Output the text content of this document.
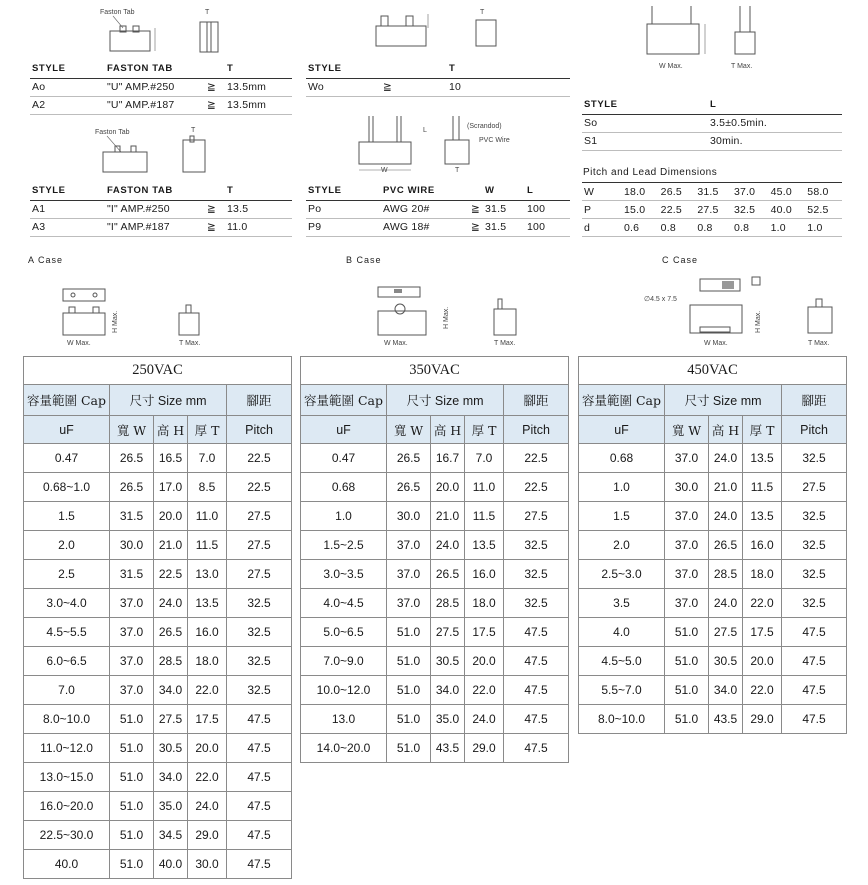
Faston Tab	T	T
W Max.	T Max.
STYLE	FASTON TAB		T
Ao	"U" AMP.#250	≧	13.5mm
A2	"U" AMP.#187	≧	13.5mm
STYLE		T
Wo	≧	10
STYLE	L
So	3.5±0.5min.
S1	30min.
Faston Tab	T
W
L
(Scrandod)
PVC Wire
T	Pitch and Lead Dimensions
W	18.0	26.5	31.5	37.0	45.0	58.0
P	15.0	22.5	27.5	32.5	40.0	52.5
d	0.6	0.8	0.8	0.8	1.0	1.0
STYLE	FASTON TAB		T
A1	"I" AMP.#250	≧	13.5
A3	"I" AMP.#187	≧	11.0
STYLE	PVC WIRE		W	L
Po	AWG 20#	≧	31.5	100
P9	AWG 18#	≧	31.5	100
A Case	B Case	C Case
W Max.
H Max.
T Max.	W Max.
H Max.
T Max.
∅4.5 x 7.5
W Max.
H Max.
T Max.
250VAC				
容量範圍 Cap	尺寸 Size mm			腳距
uF	寬 W	高 H	厚 T	Pitch
0.47	26.5	16.5	7.0	22.5
0.68~1.0	26.5	17.0	8.5	22.5
1.5	31.5	20.0	11.0	27.5
2.0	30.0	21.0	11.5	27.5
2.5	31.5	22.5	13.0	27.5
3.0~4.0	37.0	24.0	13.5	32.5
4.5~5.5	37.0	26.5	16.0	32.5
6.0~6.5	37.0	28.5	18.0	32.5
7.0	37.0	34.0	22.0	32.5
8.0~10.0	51.0	27.5	17.5	47.5
11.0~12.0	51.0	30.5	20.0	47.5
13.0~15.0	51.0	34.0	22.0	47.5
16.0~20.0	51.0	35.0	24.0	47.5
22.5~30.0	51.0	34.5	29.0	47.5
40.0	51.0	40.0	30.0	47.5
350VAC				
容量範圍 Cap	尺寸 Size mm			腳距
uF	寬 W	高 H	厚 T	Pitch
0.47	26.5	16.7	7.0	22.5
0.68	26.5	20.0	11.0	22.5
1.0	30.0	21.0	11.5	27.5
1.5~2.5	37.0	24.0	13.5	32.5
3.0~3.5	37.0	26.5	16.0	32.5
4.0~4.5	37.0	28.5	18.0	32.5
5.0~6.5	51.0	27.5	17.5	47.5
7.0~9.0	51.0	30.5	20.0	47.5
10.0~12.0	51.0	34.0	22.0	47.5
13.0	51.0	35.0	24.0	47.5
14.0~20.0	51.0	43.5	29.0	47.5
450VAC				
容量範圍 Cap	尺寸 Size mm			腳距
uF	寬 W	高 H	厚 T	Pitch
0.68	37.0	24.0	13.5	32.5
1.0	30.0	21.0	11.5	27.5
1.5	37.0	24.0	13.5	32.5
2.0	37.0	26.5	16.0	32.5
2.5~3.0	37.0	28.5	18.0	32.5
3.5	37.0	24.0	22.0	32.5
4.0	51.0	27.5	17.5	47.5
4.5~5.0	51.0	30.5	20.0	47.5
5.5~7.0	51.0	34.0	22.0	47.5
8.0~10.0	51.0	43.5	29.0	47.5
